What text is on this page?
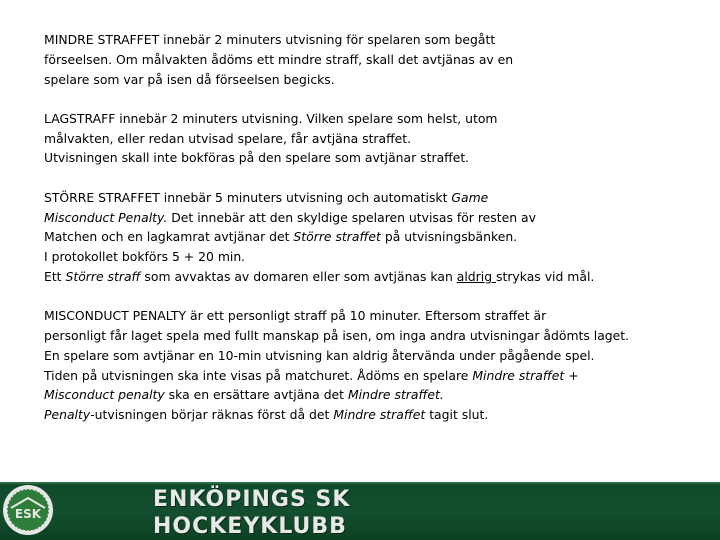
MINDRE STRAFFET innebär 2 minuters utvisning för spelaren som begått
förseelsen. Om målvakten ådöms ett mindre straff, skall det avtjänas av en
spelare som var på isen då förseelsen begicks.

LAGSTRAFF innebär 2 minuters utvisning. Vilken spelare som helst, utom
målvakten, eller redan utvisad spelare, får avtjäna straffet.
Utvisningen skall inte bokföras på den spelare som avtjänar straffet.

STÖRRE STRAFFET innebär 5 minuters utvisning och automatiskt Game
Misconduct Penalty. Det innebär att den skyldige spelaren utvisas för resten av
Matchen och en lagkamrat avtjänar det Större straffet på utvisningsbänken.
I protokollet bokförs 5 + 20 min.
Ett Större straff som avvaktas av domaren eller som avtjänas kan aldrig strykas vid mål.

MISCONDUCT PENALTY är ett personligt straff på 10 minuter. Eftersom straffet är
personligt får laget spela med fullt manskap på isen, om inga andra utvisningar ådömts laget.
En spelare som avtjänar en 10-min utvisning kan aldrig återvända under pågående spel.
Tiden på utvisningen ska inte visas på matchuret. Ådöms en spelare Mindre straffet +
Misconduct penalty ska en ersättare avtjäna det Mindre straffet.
Penalty-utvisningen börjar räknas först då det Mindre straffet tagit slut.

ESK
ENKÖPINGS SK
HOCKEYKLUBB
